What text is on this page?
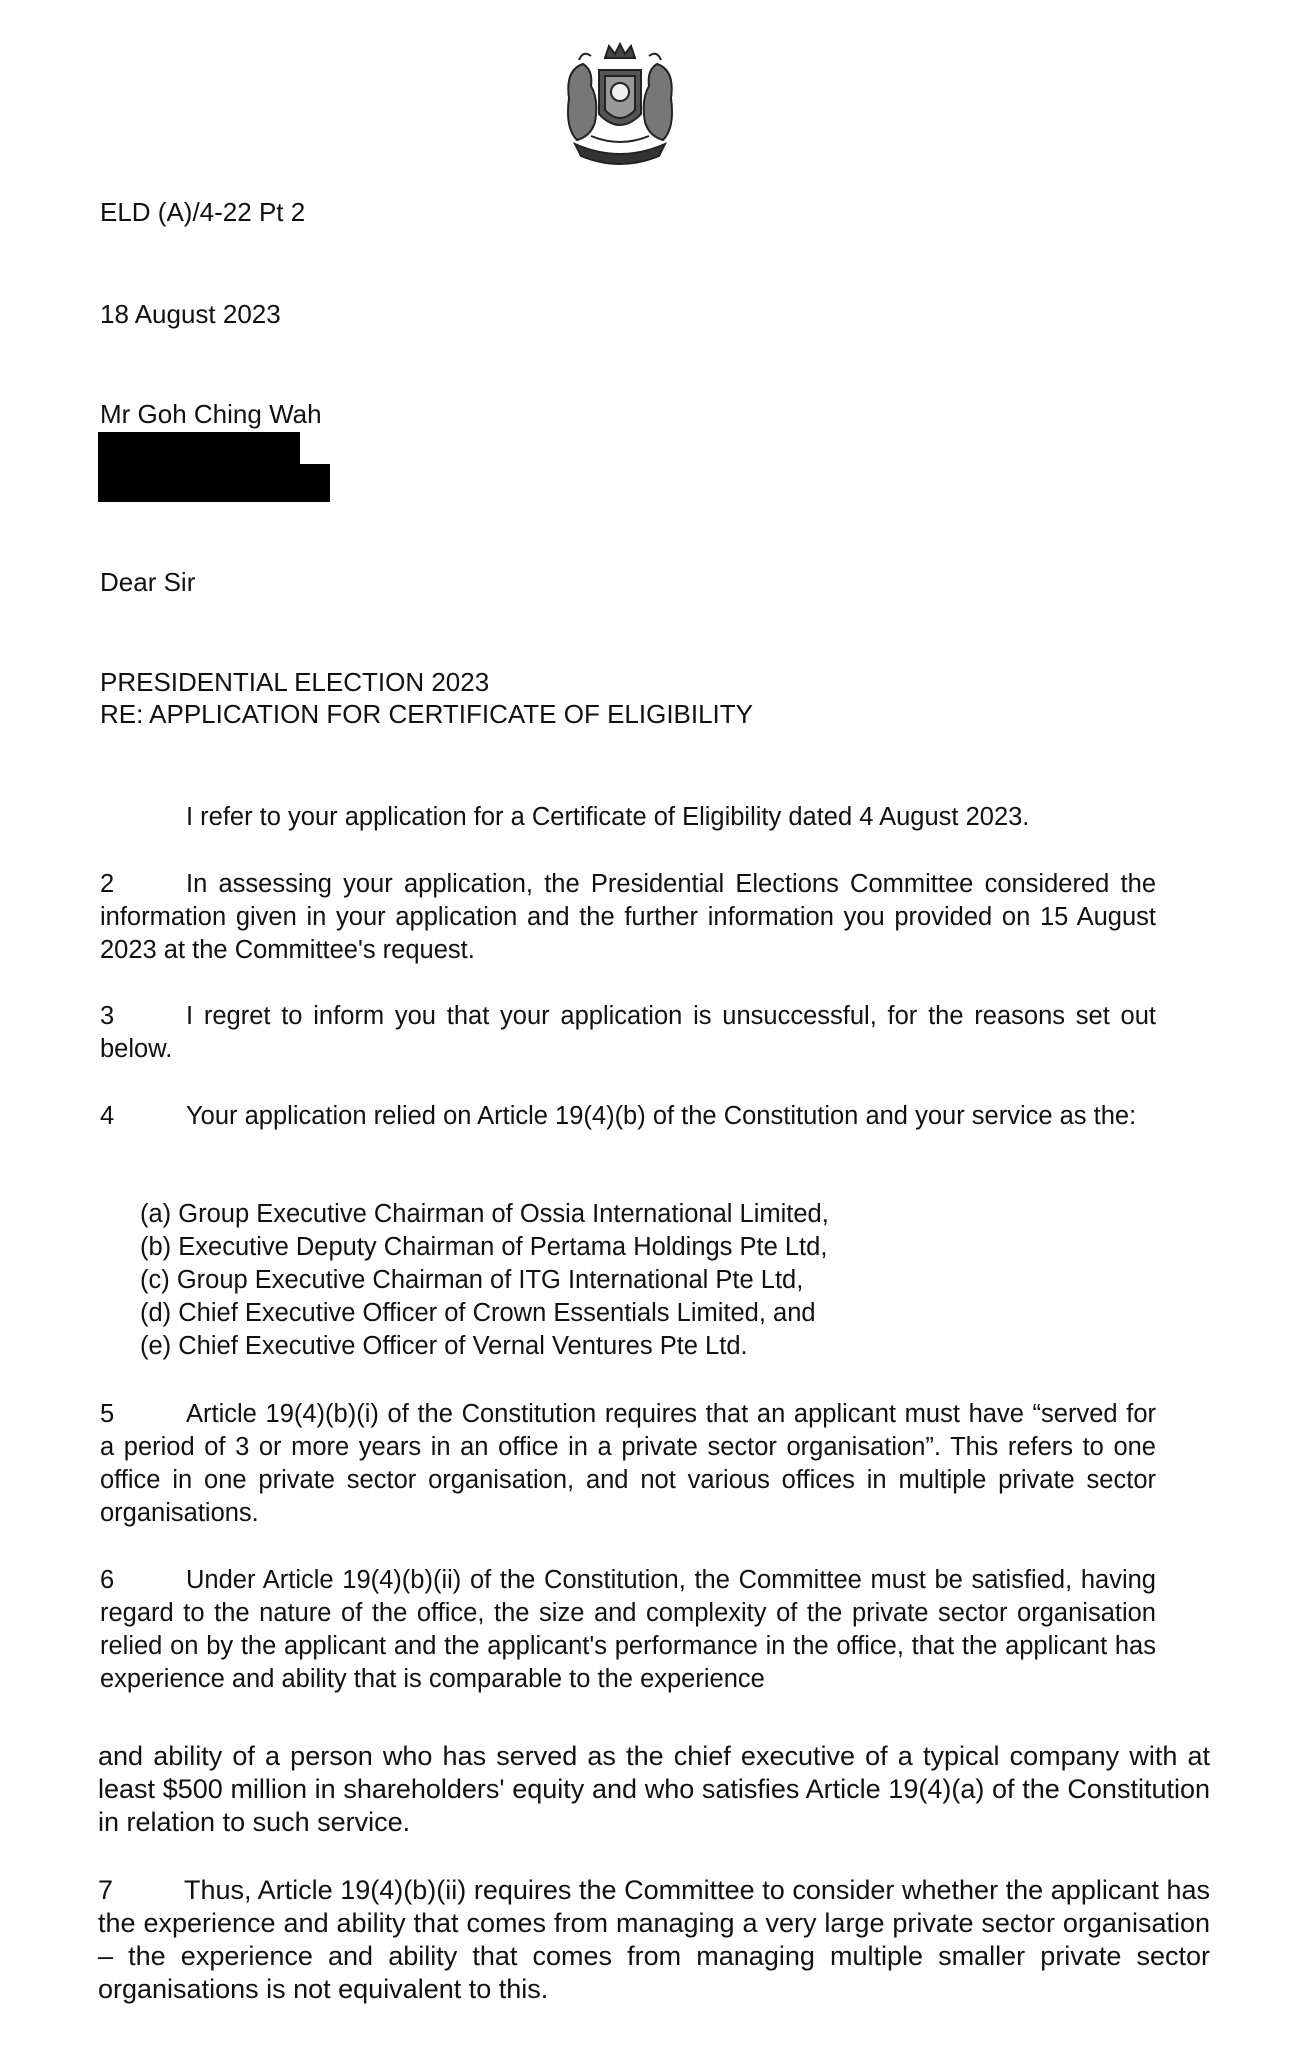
ELD (A)/4-22 Pt 2
18 August 2023
Mr Goh Ching Wah
Dear Sir
PRESIDENTIAL ELECTION 2023
RE: APPLICATION FOR CERTIFICATE OF ELIGIBILITY
I refer to your application for a Certificate of Eligibility dated 4 August 2023.
2	In assessing your application, the Presidential Elections Committee considered the information given in your application and the further information you provided on 15 August 2023 at the Committee's request.
3	I regret to inform you that your application is unsuccessful, for the reasons set out below.
4	Your application relied on Article 19(4)(b) of the Constitution and your service as the:
(a) Group Executive Chairman of Ossia International Limited,
(b) Executive Deputy Chairman of Pertama Holdings Pte Ltd,
(c) Group Executive Chairman of ITG International Pte Ltd,
(d) Chief Executive Officer of Crown Essentials Limited, and
(e) Chief Executive Officer of Vernal Ventures Pte Ltd.
5	Article 19(4)(b)(i) of the Constitution requires that an applicant must have “served for a period of 3 or more years in an office in a private sector organisation”. This refers to one office in one private sector organisation, and not various offices in multiple private sector organisations.
6	Under Article 19(4)(b)(ii) of the Constitution, the Committee must be satisfied, having regard to the nature of the office, the size and complexity of the private sector organisation relied on by the applicant and the applicant's performance in the office, that the applicant has experience and ability that is comparable to the experience
and ability of a person who has served as the chief executive of a typical company with at least $500 million in shareholders' equity and who satisfies Article 19(4)(a) of the Constitution in relation to such service.
7	Thus, Article 19(4)(b)(ii) requires the Committee to consider whether the applicant has the experience and ability that comes from managing a very large private sector organisation – the experience and ability that comes from managing multiple smaller private sector organisations is not equivalent to this.
